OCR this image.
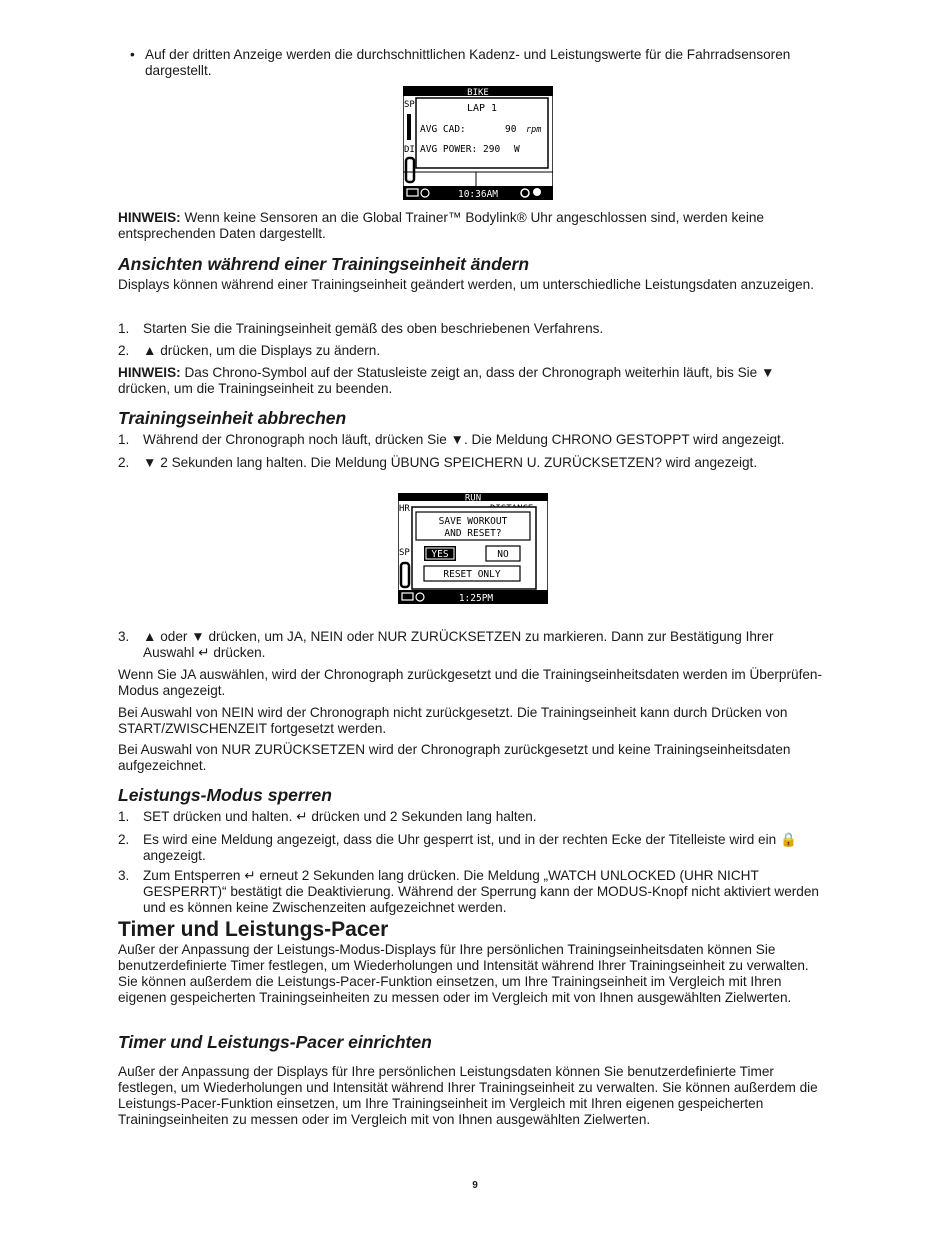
• Auf der dritten Anzeige werden die durchschnittlichen Kadenz- und Leistungswerte für die Fahrradsensoren dargestellt.

BIKE
SP
DI
LAP 1
AVG CAD:	90 rpm
AVG POWER: 290 W
10:36AM

HINWEIS: Wenn keine Sensoren an die Global Trainer™ Bodylink® Uhr angeschlossen sind, werden keine entsprechenden Daten dargestellt.

Ansichten während einer Trainingseinheit ändern

Displays können während einer Trainingseinheit geändert werden, um unterschiedliche Leistungsdaten anzuzeigen.

1. Starten Sie die Trainingseinheit gemäß des oben beschriebenen Verfahrens.
2. ▲ drücken, um die Displays zu ändern.

HINWEIS: Das Chrono-Symbol auf der Statusleiste zeigt an, dass der Chronograph weiterhin läuft, bis Sie ▼ drücken, um die Trainingseinheit zu beenden.

Trainingseinheit abbrechen
1. Während der Chronograph noch läuft, drücken Sie ▼. Die Meldung CHRONO GESTOPPT wird angezeigt.
2. ▼ 2 Sekunden lang halten. Die Meldung ÜBUNG SPEICHERN U. ZURÜCKSETZEN? wird angezeigt.
RUN
HR
SP
SAVE WORKOUT
AND RESET?
YES	NO
RESET ONLY
1:25PM
3. ▲ oder ▼ drücken, um JA, NEIN oder NUR ZURÜCKSETZEN zu markieren. Dann zur Bestätigung Ihrer Auswahl ↵ drücken.

Wenn Sie JA auswählen, wird der Chronograph zurückgesetzt und die Trainingseinheitsdaten werden im Überprüfen-Modus angezeigt.

Bei Auswahl von NEIN wird der Chronograph nicht zurückgesetzt. Die Trainingseinheit kann durch Drücken von START/ZWISCHENZEIT fortgesetzt werden.

Bei Auswahl von NUR ZURÜCKSETZEN wird der Chronograph zurückgesetzt und keine Trainingseinheitsdaten aufgezeichnet.

Leistungs-Modus sperren
1. SET drücken und halten. ↵ drücken und 2 Sekunden lang halten.
2. Es wird eine Meldung angezeigt, dass die Uhr gesperrt ist, und in der rechten Ecke der Titelleiste wird ein 🔒 angezeigt.
3. Zum Entsperren ↵ erneut 2 Sekunden lang drücken. Die Meldung „WATCH UNLOCKED (UHR NICHT GESPERRT)“ bestätigt die Deaktivierung. Während der Sperrung kann der MODUS-Knopf nicht aktiviert werden und es können keine Zwischenzeiten aufgezeichnet werden.
Timer und Leistungs-Pacer

Außer der Anpassung der Leistungs-Modus-Displays für Ihre persönlichen Trainingseinheitsdaten können Sie benutzerdefinierte Timer festlegen, um Wiederholungen und Intensität während Ihrer Trainingseinheit zu verwalten. Sie können außerdem die Leistungs-Pacer-Funktion einsetzen, um Ihre Trainingseinheit im Vergleich mit Ihren eigenen gespeicherten Trainingseinheiten zu messen oder im Vergleich mit von Ihnen ausgewählten Zielwerten.

Timer und Leistungs-Pacer einrichten

Außer der Anpassung der Displays für Ihre persönlichen Leistungsdaten können Sie benutzerdefinierte Timer festlegen, um Wiederholungen und Intensität während Ihrer Trainingseinheit zu verwalten. Sie können außerdem die Leistungs-Pacer-Funktion einsetzen, um Ihre Trainingseinheit im Vergleich mit Ihren eigenen gespeicherten Trainingseinheiten zu messen oder im Vergleich mit von Ihnen ausgewählten Zielwerten.

9
